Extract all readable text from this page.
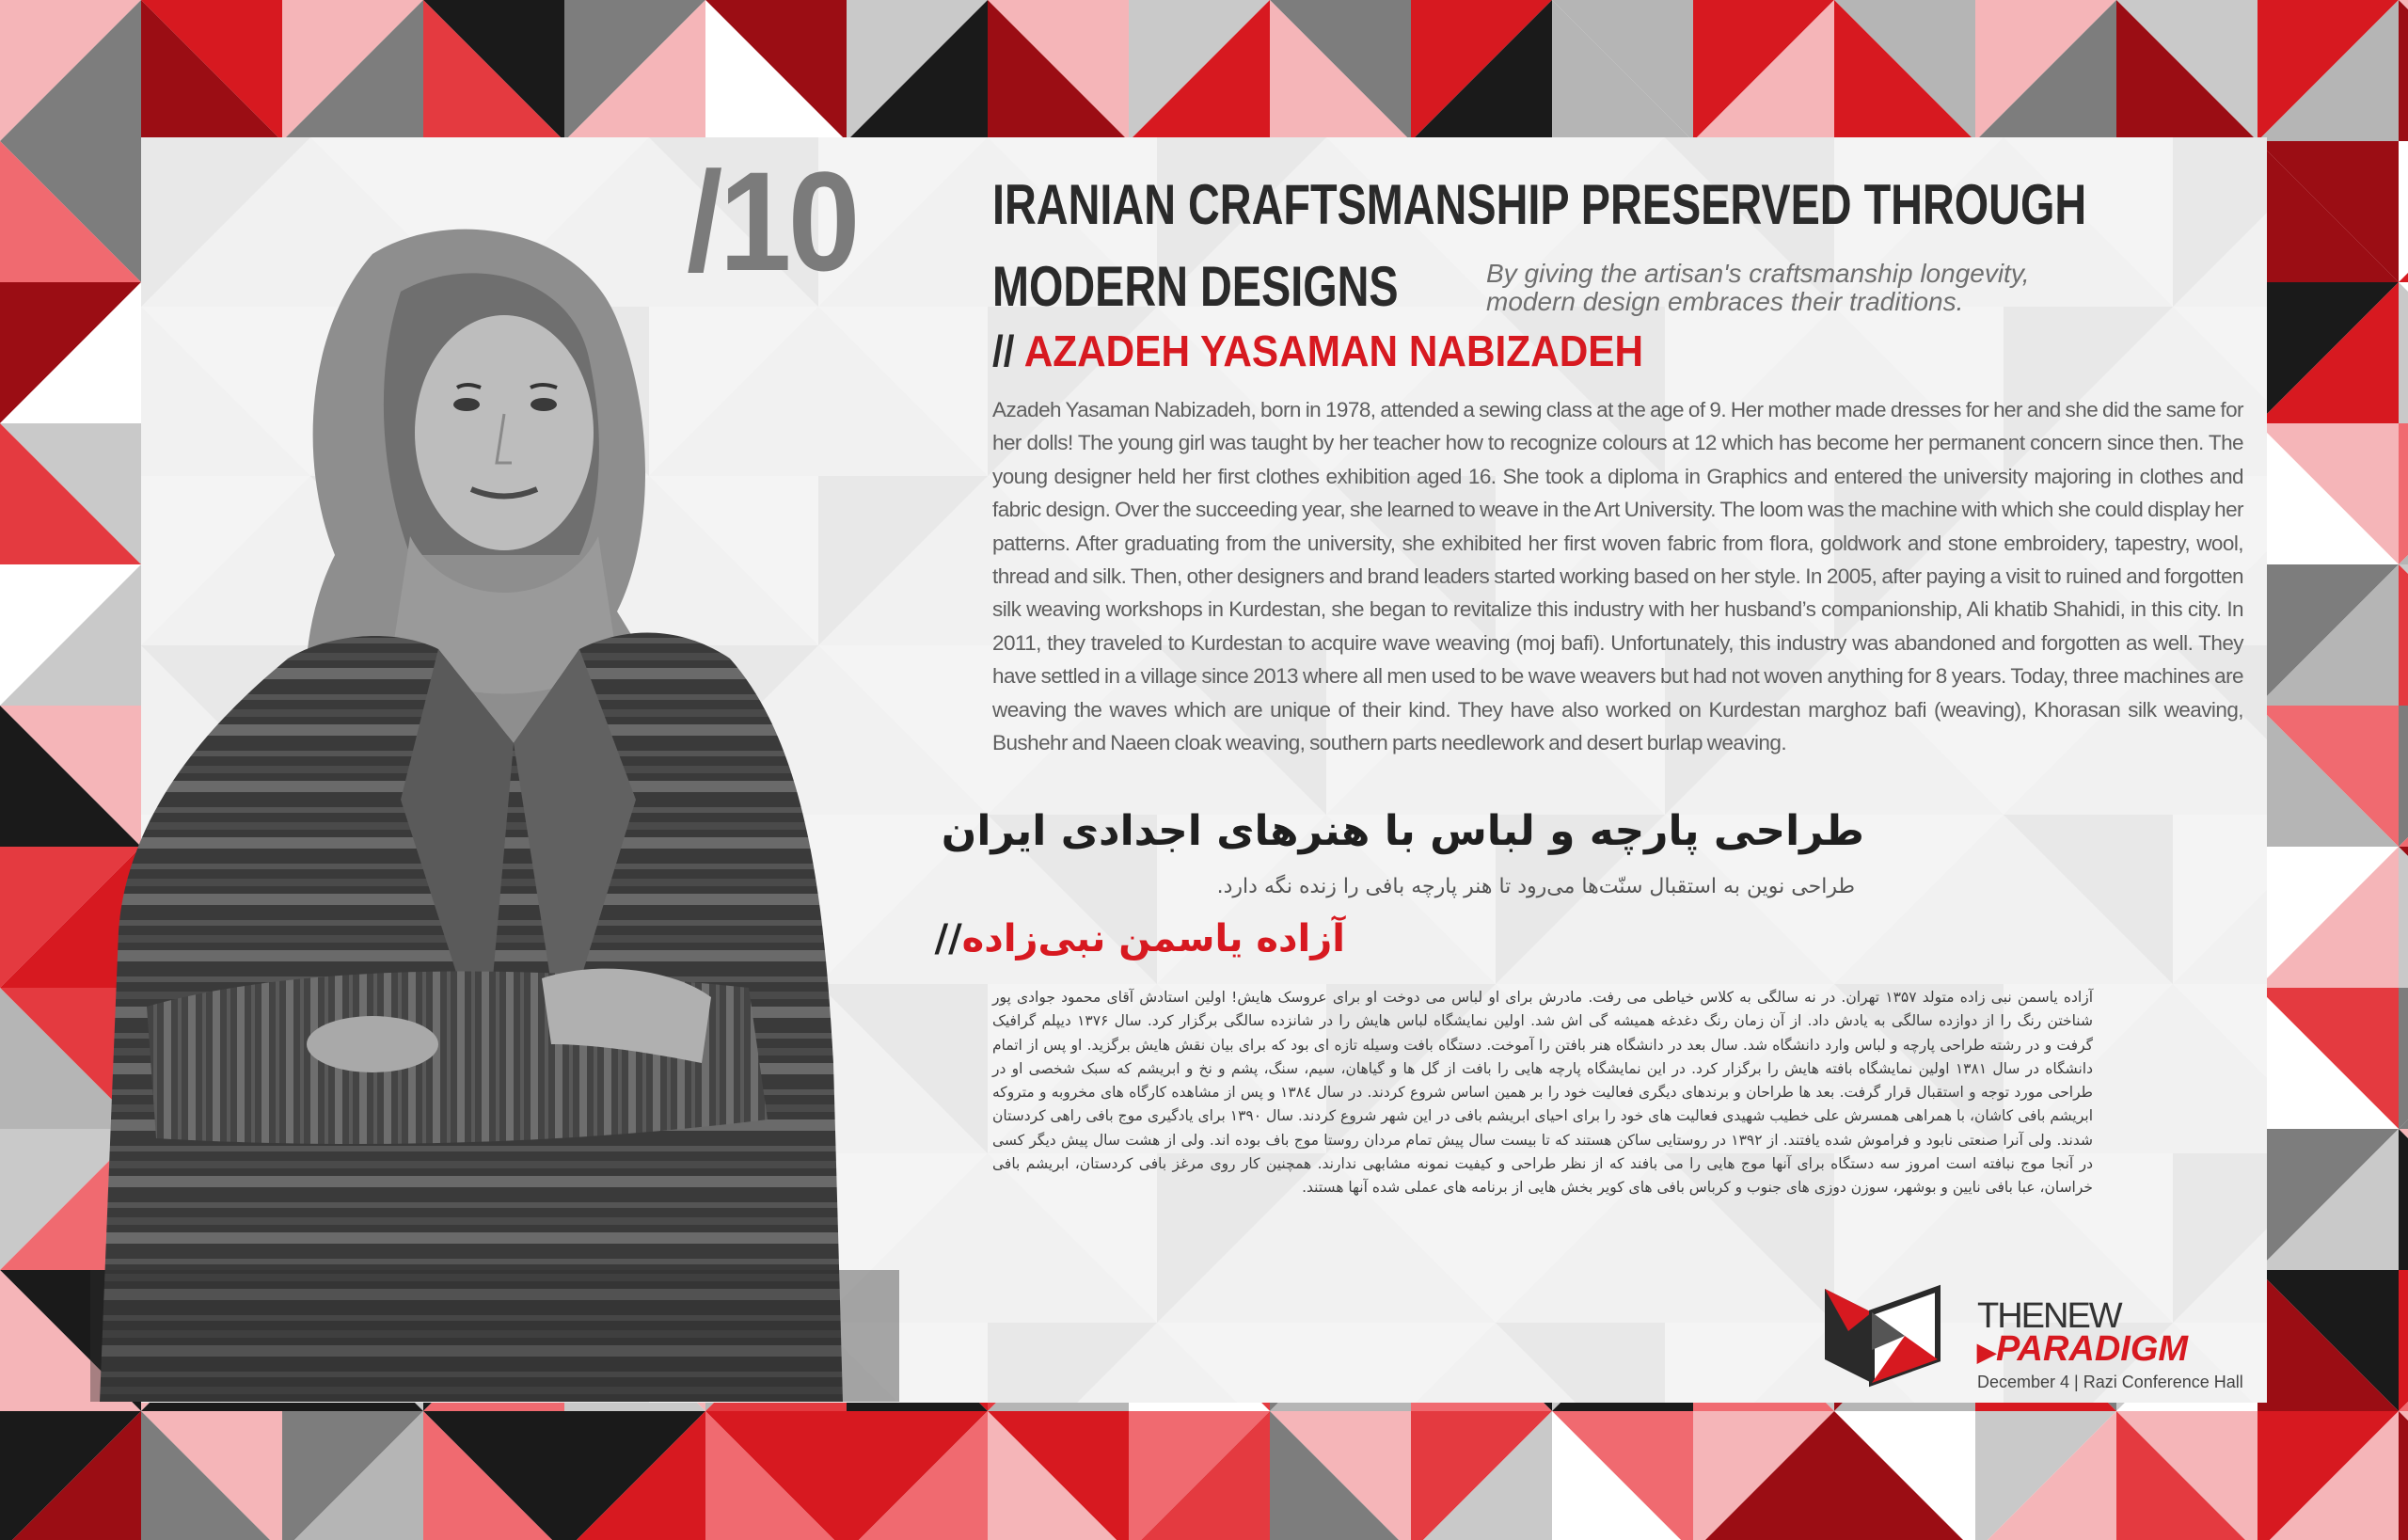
/10	IRANIAN CRAFTSMANSHIP PRESERVED THROUGH
MODERN DESIGNS	By giving the artisan's craftsmanship longevity, modern design embraces their traditions.
// AZADEH YASAMAN NABIZADEH
Azadeh Yasaman Nabizadeh, born in 1978, attended a sewing class at the age of 9. Her mother made dresses for her and she did the same for her dolls! The young girl was taught by her teacher how to recognize colours at 12 which has become her permanent concern since then. The young designer held her first clothes exhibition aged 16. She took a diploma in Graphics and entered the university majoring in clothes and fabric design. Over the succeeding year, she learned to weave in the Art University. The loom was the machine with which she could display her patterns. After graduating from the university, she exhibited her first woven fabric from flora, goldwork and stone embroidery, tapestry, wool, thread and silk. Then, other designers and brand leaders started working based on her style. In 2005, after paying a visit to ruined and forgotten silk weaving workshops in Kurdestan, she began to revitalize this industry with her husband’s companionship, Ali khatib Shahidi, in this city. In 2011, they traveled to Kurdestan to acquire wave weaving (moj bafi). Unfortunately, this industry was abandoned and forgotten as well. They have settled in a village since 2013 where all men used to be wave weavers but had not woven anything for 8 years. Today, three machines are weaving the waves which are unique of their kind. They have also worked on Kurdestan marghoz bafi (weaving), Khorasan silk weaving, Bushehr and Naeen cloak weaving, southern parts needlework and desert burlap weaving.
طراحی پارچه و لباس با هنرهای اجدادی ایران
طراحی نوین به استقبال سنّت‌ها می‌رود تا هنر پارچه بافی را زنده نگه دارد.
آزاده یاسمن نبی‌زاده//
آزاده یاسمن نبی زاده متولد ۱۳۵۷ تهران. در نه سالگی به کلاس خیاطی می رفت. مادرش برای او لباس می دوخت او برای عروسک هایش! اولین استادش آقای محمود جوادی پور شناختن رنگ را از دوازده سالگی به یادش داد. از آن زمان رنگ دغدغه همیشه گی اش شد. اولین نمایشگاه لباس هایش را در شانزده سالگی برگزار کرد. سال ۱۳۷۶ دیپلم گرافیک گرفت و در رشته طراحی پارچه و لباس وارد دانشگاه شد. سال بعد در دانشگاه هنر بافتن را آموخت. دستگاه بافت وسیله تازه ای بود که برای بیان نقش هایش برگزید. او پس از اتمام دانشگاه در سال ۱۳۸۱ اولین نمایشگاه بافته هایش را برگزار کرد. در این نمایشگاه پارچه هایی را بافت از گل ها و گیاهان، سیم، سنگ، پشم و نخ و ابریشم که سبک شخصی او در طراحی مورد توجه و استقبال قرار گرفت. بعد ها طراحان و برندهای دیگری فعالیت خود را بر همین اساس شروع کردند. در سال ۱۳۸٤ و پس از مشاهده کارگاه های مخروبه و متروکه ابریشم بافی کاشان، با همراهی همسرش علی خطیب شهیدی فعالیت های خود را برای احیای ابریشم بافی در این شهر شروع کردند. سال ۱۳۹۰ برای یادگیری موج بافی راهی کردستان شدند. ولی آنرا صنعتی نابود و فراموش شده یافتند. از ۱۳۹۲ در روستایی ساکن هستند که تا بیست سال پیش تمام مردان روستا موج باف بوده اند. ولی از هشت سال پیش دیگر کسی در آنجا موج نبافته است امروز سه دستگاه برای آنها موج هایی را می بافند که از نظر طراحی و کیفیت نمونه مشابهی ندارند. همچنین کار روی مرغز بافی کردستان، ابریشم بافی خراسان، عبا بافی نایین و بوشهر، سوزن دوزی های جنوب و کرباس بافی های کویر بخش هایی از برنامه های عملی شده آنها هستند.
THENEW
▶PARADIGM
December 4 | Razi Conference Hall
